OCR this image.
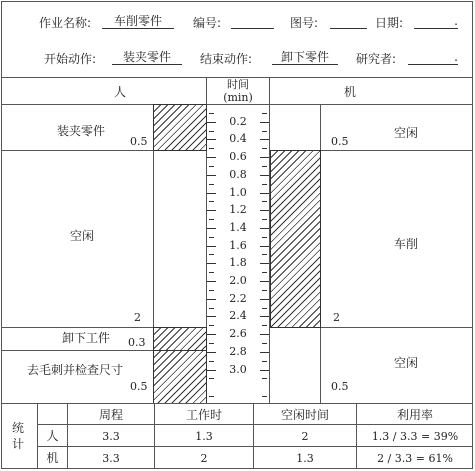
作业名称:	车削零件	编号:	图号:	日期:	.
开始动作:	装夹零件	结束动作:	卸下零件	研究者:	.
人
时间
(min)	机
0.2
0.4
0.6
0.8
1.0
1.2
1.4
1.6
1.8
2.0
2.2
2.4
2.6
2.8
3.0
装夹零件
0.5
空闲
2
卸下工件 0.3
去毛刺并检查尺寸
0.5
空闲
0.5
车削
2
空闲
0.5
统计
周程	工作时	空闲时间	利用率
人	3.3	1.3	2	1.3 / 3.3 = 39%
机	3.3	2	1.3	2 / 3.3 = 61%
